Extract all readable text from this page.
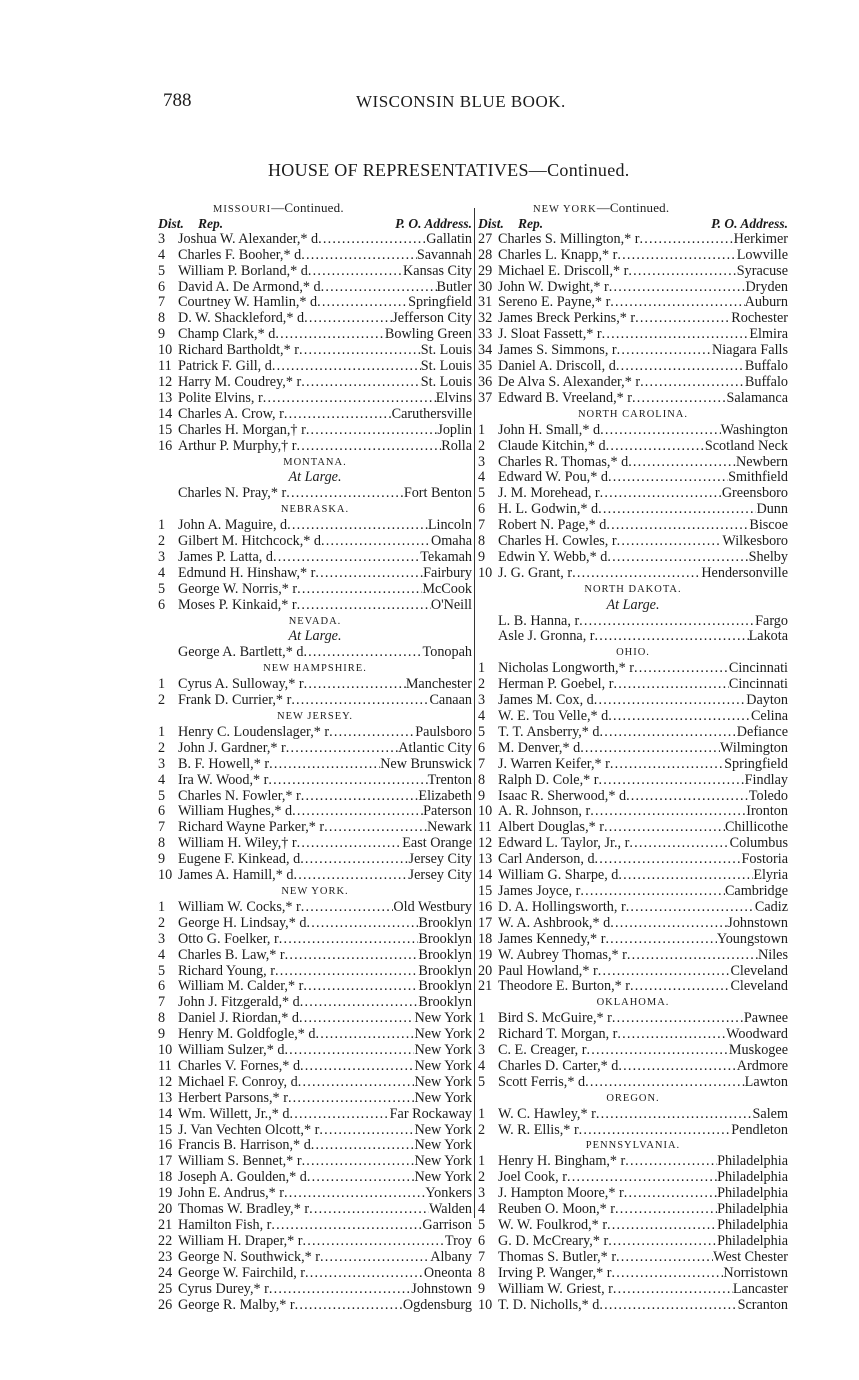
788	WISCONSIN BLUE BOOK.
HOUSE OF REPRESENTATIVES—Continued.
MISSOURI—Continued.
Dist.	Rep.	P. O. Address.
3 Joshua W. Alexander,* d .....	Gallatin
4 Charles F. Booher,* d .....	Savannah
5 William P. Borland,* d .....	Kansas City
6 David A. De Armond,* d .....	Butler
7 Courtney W. Hamlin,* d .....	Springfield
8 D. W. Shackleford,* d .....	Jefferson City
9 Champ Clark,* d .....	Bowling Green
10 Richard Bartholdt,* r .....	St. Louis
11 Patrick F. Gill, d .....	St. Louis
12 Harry M. Coudrey,* r .....	St. Louis
13 Polite Elvins, r .....	Elvins
14 Charles A. Crow, r .....	Caruthersville
15 Charles H. Morgan,† r .....	Joplin
16 Arthur P. Murphy,† r .....	Rolla
MONTANA.
At Large.
Charles N. Pray,* r .....	Fort Benton
NEBRASKA.
1 John A. Maguire, d .....	Lincoln
2 Gilbert M. Hitchcock,* d .....	Omaha
3 James P. Latta, d .....	Tekamah
4 Edmund H. Hinshaw,* r .....	Fairbury
5 George W. Norris,* r .....	McCook
6 Moses P. Kinkaid,* r .....	O'Neill
NEVADA.
At Large.
George A. Bartlett,* d .....	Tonopah
NEW HAMPSHIRE.
1 Cyrus A. Sulloway,* r .....	Manchester
2 Frank D. Currier,* r .....	Canaan
NEW JERSEY.
1 Henry C. Loudenslager,* r .....	Paulsboro
2 John J. Gardner,* r .....	Atlantic City
3 B. F. Howell,* r .....	New Brunswick
4 Ira W. Wood,* r .....	Trenton
5 Charles N. Fowler,* r .....	Elizabeth
6 William Hughes,* d .....	Paterson
7 Richard Wayne Parker,* r .....	Newark
8 William H. Wiley,† r .....	East Orange
9 Eugene F. Kinkead, d .....	Jersey City
10 James A. Hamill,* d .....	Jersey City
NEW YORK.
1 William W. Cocks,* r .....	Old Westbury
2 George H. Lindsay,* d .....	Brooklyn
3 Otto G. Foelker, r .....	Brooklyn
4 Charles B. Law,* r .....	Brooklyn
5 Richard Young, r .....	Brooklyn
6 William M. Calder,* r .....	Brooklyn
7 John J. Fitzgerald,* d .....	Brooklyn
8 Daniel J. Riordan,* d .....	New York
9 Henry M. Goldfogle,* d .....	New York
10 William Sulzer,* d .....	New York
11 Charles V. Fornes,* d .....	New York
12 Michael F. Conroy, d .....	New York
13 Herbert Parsons,* r .....	New York
14 Wm. Willett, Jr.,* d .....	Far Rockaway
15 J. Van Vechten Olcott,* r .....	New York
16 Francis B. Harrison,* d .....	New York
17 William S. Bennet,* r .....	New York
18 Joseph A. Goulden,* d .....	New York
19 John E. Andrus,* r .....	Yonkers
20 Thomas W. Bradley,* r .....	Walden
21 Hamilton Fish, r .....	Garrison
22 William H. Draper,* r .....	Troy
23 George N. Southwick,* r .....	Albany
24 George W. Fairchild, r .....	Oneonta
25 Cyrus Durey,* r .....	Johnstown
26 George R. Malby,* r .....	Ogdensburg
NEW YORK—Continued.
Dist.	Rep.	P. O. Address.
27 Charles S. Millington,* r .....	Herkimer
28 Charles L. Knapp,* r .....	Lowville
29 Michael E. Driscoll,* r .....	Syracuse
30 John W. Dwight,* r .....	Dryden
31 Sereno E. Payne,* r .....	Auburn
32 James Breck Perkins,* r .....	Rochester
33 J. Sloat Fassett,* r .....	Elmira
34 James S. Simmons, r .....	Niagara Falls
35 Daniel A. Driscoll, d .....	Buffalo
36 De Alva S. Alexander,* r .....	Buffalo
37 Edward B. Vreeland,* r .....	Salamanca
NORTH CAROLINA.
1 John H. Small,* d .....	Washington
2 Claude Kitchin,* d .....	Scotland Neck
3 Charles R. Thomas,* d .....	Newbern
4 Edward W. Pou,* d .....	Smithfield
5 J. M. Morehead, r .....	Greensboro
6 H. L. Godwin,* d .....	Dunn
7 Robert N. Page,* d .....	Biscoe
8 Charles H. Cowles, r .....	Wilkesboro
9 Edwin Y. Webb,* d .....	Shelby
10 J. G. Grant, r .....	Hendersonville
NORTH DAKOTA.
At Large.
L. B. Hanna, r .....	Fargo
Asle J. Gronna, r .....	Lakota
OHIO.
1 Nicholas Longworth,* r .....	Cincinnati
2 Herman P. Goebel, r .....	Cincinnati
3 James M. Cox, d .....	Dayton
4 W. E. Tou Velle,* d .....	Celina
5 T. T. Ansberry,* d .....	Defiance
6 M. Denver,* d .....	Wilmington
7 J. Warren Keifer,* r .....	Springfield
8 Ralph D. Cole,* r .....	Findlay
9 Isaac R. Sherwood,* d .....	Toledo
10 A. R. Johnson, r .....	Ironton
11 Albert Douglas,* r .....	Chillicothe
12 Edward L. Taylor, Jr., r .....	Columbus
13 Carl Anderson, d .....	Fostoria
14 William G. Sharpe, d .....	Elyria
15 James Joyce, r .....	Cambridge
16 D. A. Hollingsworth, r .....	Cadiz
17 W. A. Ashbrook,* d .....	Johnstown
18 James Kennedy,* r .....	Youngstown
19 W. Aubrey Thomas,* r .....	Niles
20 Paul Howland,* r .....	Cleveland
21 Theodore E. Burton,* r .....	Cleveland
OKLAHOMA.
1 Bird S. McGuire,* r .....	Pawnee
2 Richard T. Morgan, r .....	Woodward
3 C. E. Creager, r .....	Muskogee
4 Charles D. Carter,* d .....	Ardmore
5 Scott Ferris,* d .....	Lawton
OREGON.
1 W. C. Hawley,* r .....	Salem
2 W. R. Ellis,* r .....	Pendleton
PENNSYLVANIA.
1 Henry H. Bingham,* r .....	Philadelphia
2 Joel Cook, r .....	Philadelphia
3 J. Hampton Moore,* r .....	Philadelphia
4 Reuben O. Moon,* r .....	Philadelphia
5 W. W. Foulkrod,* r .....	Philadelphia
6 G. D. McCreary,* r .....	Philadelphia
7 Thomas S. Butler,* r .....	West Chester
8 Irving P. Wanger,* r .....	Norristown
9 William W. Griest, r .....	Lancaster
10 T. D. Nicholls,* d .....	Scranton
